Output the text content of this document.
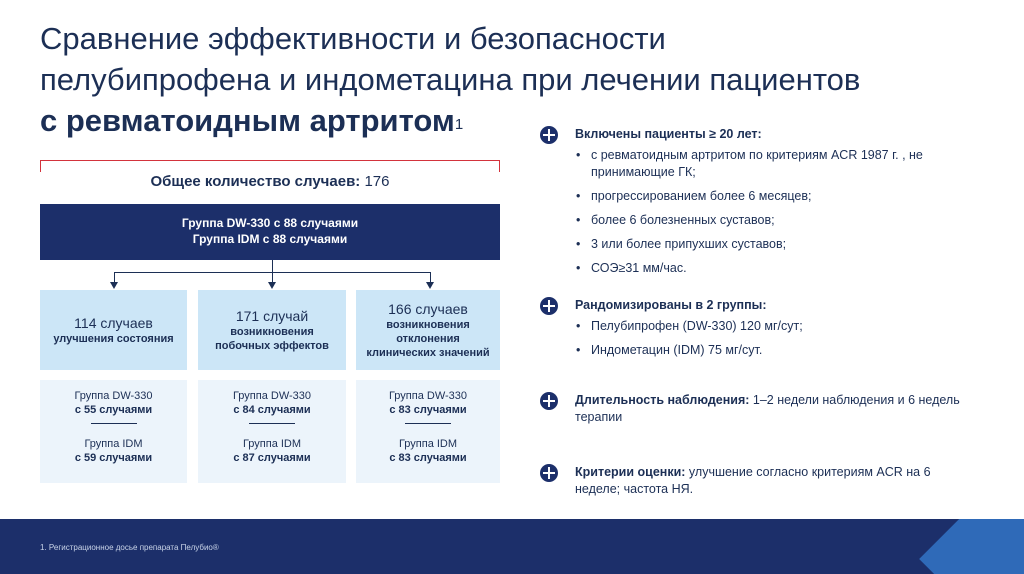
Сравнение эффективности и безопасности
пелубипрофена и индометацина при лечении пациентов
с ревматоидным артритом$^1$
Общее количество случаев: 176
Группа DW-330 с 88 случаями
Группа IDM с 88 случаями
114 случаев
улучшения состояния
171 случай
возникновения
побочных эффектов
166 случаев
возникновения отклонения
клинических значений
Группа DW-330
с 55 случаями
Группа IDM
с 59 случаями
Группа DW-330
с 84 случаями
Группа IDM
с 87 случаями
Группа DW-330
с 83 случаями
Группа IDM
с 83 случаями
Включены пациенты ≥ 20 лет:
• с ревматоидным артритом по критериям ACR 1987 г. , не принимающие ГК;
• прогрессированием более 6 месяцев;
• более 6 болезненных суставов;
• 3 или более припухших суставов;
• СОЭ≥31 мм/час.
Рандомизированы в 2 группы:
• Пелубипрофен (DW-330) 120 мг/сут;
• Индометацин (IDM) 75 мг/сут.
Длительность наблюдения: 1–2 недели наблюдения и 6 недель терапии
Критерии оценки: улучшение согласно критериям ACR на 6 неделе; частота НЯ.
1. Регистрационное досье препарата Пелубио®
